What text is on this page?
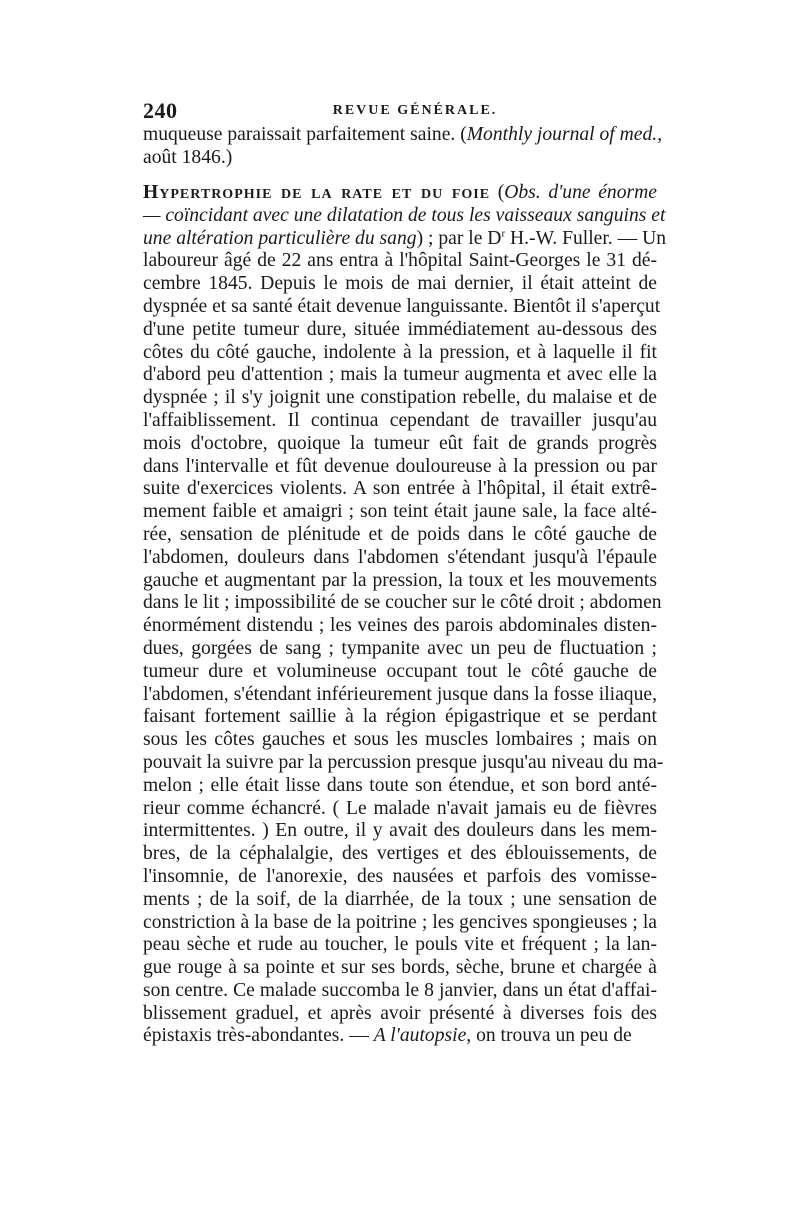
240	REVUE GÉNÉRALE.
muqueuse paraissait parfaitement saine. (Monthly journal of med.,
août 1846.)
Hypertrophie de la rate et du foie (Obs. d'une énorme
— coïncidant avec une dilatation de tous les vaisseaux sanguins et
une altération particulière du sang) ; par le $D^r$ H.-W. Fuller. — Un
laboureur âgé de 22 ans entra à l'hôpital Saint-Georges le 31 dé-
cembre 1845. Depuis le mois de mai dernier, il était atteint de
dyspnée et sa santé était devenue languissante. Bientôt il s'aperçut
d'une petite tumeur dure, située immédiatement au-dessous des
côtes du côté gauche, indolente à la pression, et à laquelle il fit
d'abord peu d'attention ; mais la tumeur augmenta et avec elle la
dyspnée ; il s'y joignit une constipation rebelle, du malaise et de
l'affaiblissement. Il continua cependant de travailler jusqu'au
mois d'octobre, quoique la tumeur eût fait de grands progrès
dans l'intervalle et fût devenue douloureuse à la pression ou par
suite d'exercices violents. A son entrée à l'hôpital, il était extrê-
mement faible et amaigri ; son teint était jaune sale, la face alté-
rée, sensation de plénitude et de poids dans le côté gauche de
l'abdomen, douleurs dans l'abdomen s'étendant jusqu'à l'épaule
gauche et augmentant par la pression, la toux et les mouvements
dans le lit ; impossibilité de se coucher sur le côté droit ; abdomen
énormément distendu ; les veines des parois abdominales disten-
dues, gorgées de sang ; tympanite avec un peu de fluctuation ;
tumeur dure et volumineuse occupant tout le côté gauche de
l'abdomen, s'étendant inférieurement jusque dans la fosse iliaque,
faisant fortement saillie à la région épigastrique et se perdant
sous les côtes gauches et sous les muscles lombaires ; mais on
pouvait la suivre par la percussion presque jusqu'au niveau du ma-
melon ; elle était lisse dans toute son étendue, et son bord anté-
rieur comme échancré. ( Le malade n'avait jamais eu de fièvres
intermittentes. ) En outre, il y avait des douleurs dans les mem-
bres, de la céphalalgie, des vertiges et des éblouissements, de
l'insomnie, de l'anorexie, des nausées et parfois des vomisse-
ments ; de la soif, de la diarrhée, de la toux ; une sensation de
constriction à la base de la poitrine ; les gencives spongieuses ; la
peau sèche et rude au toucher, le pouls vite et fréquent ; la lan-
gue rouge à sa pointe et sur ses bords, sèche, brune et chargée à
son centre. Ce malade succomba le 8 janvier, dans un état d'affai-
blissement graduel, et après avoir présenté à diverses fois des
épistaxis très-abondantes. — A l'autopsie, on trouva un peu de
